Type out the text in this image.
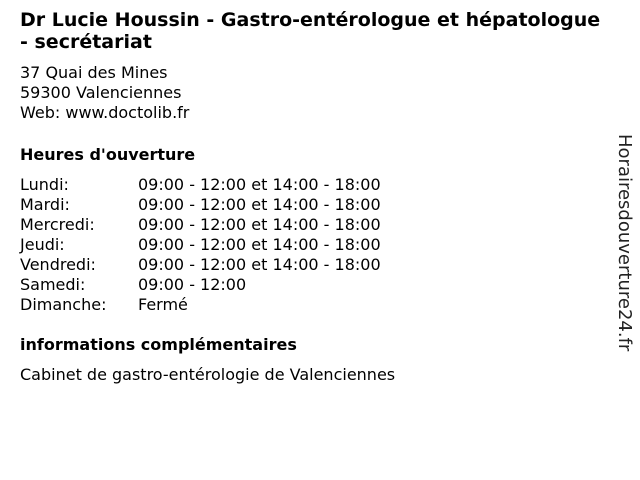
Dr Lucie Houssin - Gastro-entérologue et hépatologue - secrétariat
37 Quai des Mines
59300 Valenciennes
Web: www.doctolib.fr
Heures d'ouverture
Lundi:	09:00 - 12:00 et 14:00 - 18:00
Mardi:	09:00 - 12:00 et 14:00 - 18:00
Mercredi:	09:00 - 12:00 et 14:00 - 18:00
Jeudi:	09:00 - 12:00 et 14:00 - 18:00
Vendredi:	09:00 - 12:00 et 14:00 - 18:00
Samedi:	09:00 - 12:00
Dimanche:	Fermé
informations complémentaires
Cabinet de gastro-entérologie de Valenciennes
Horairesdouverture24.fr
